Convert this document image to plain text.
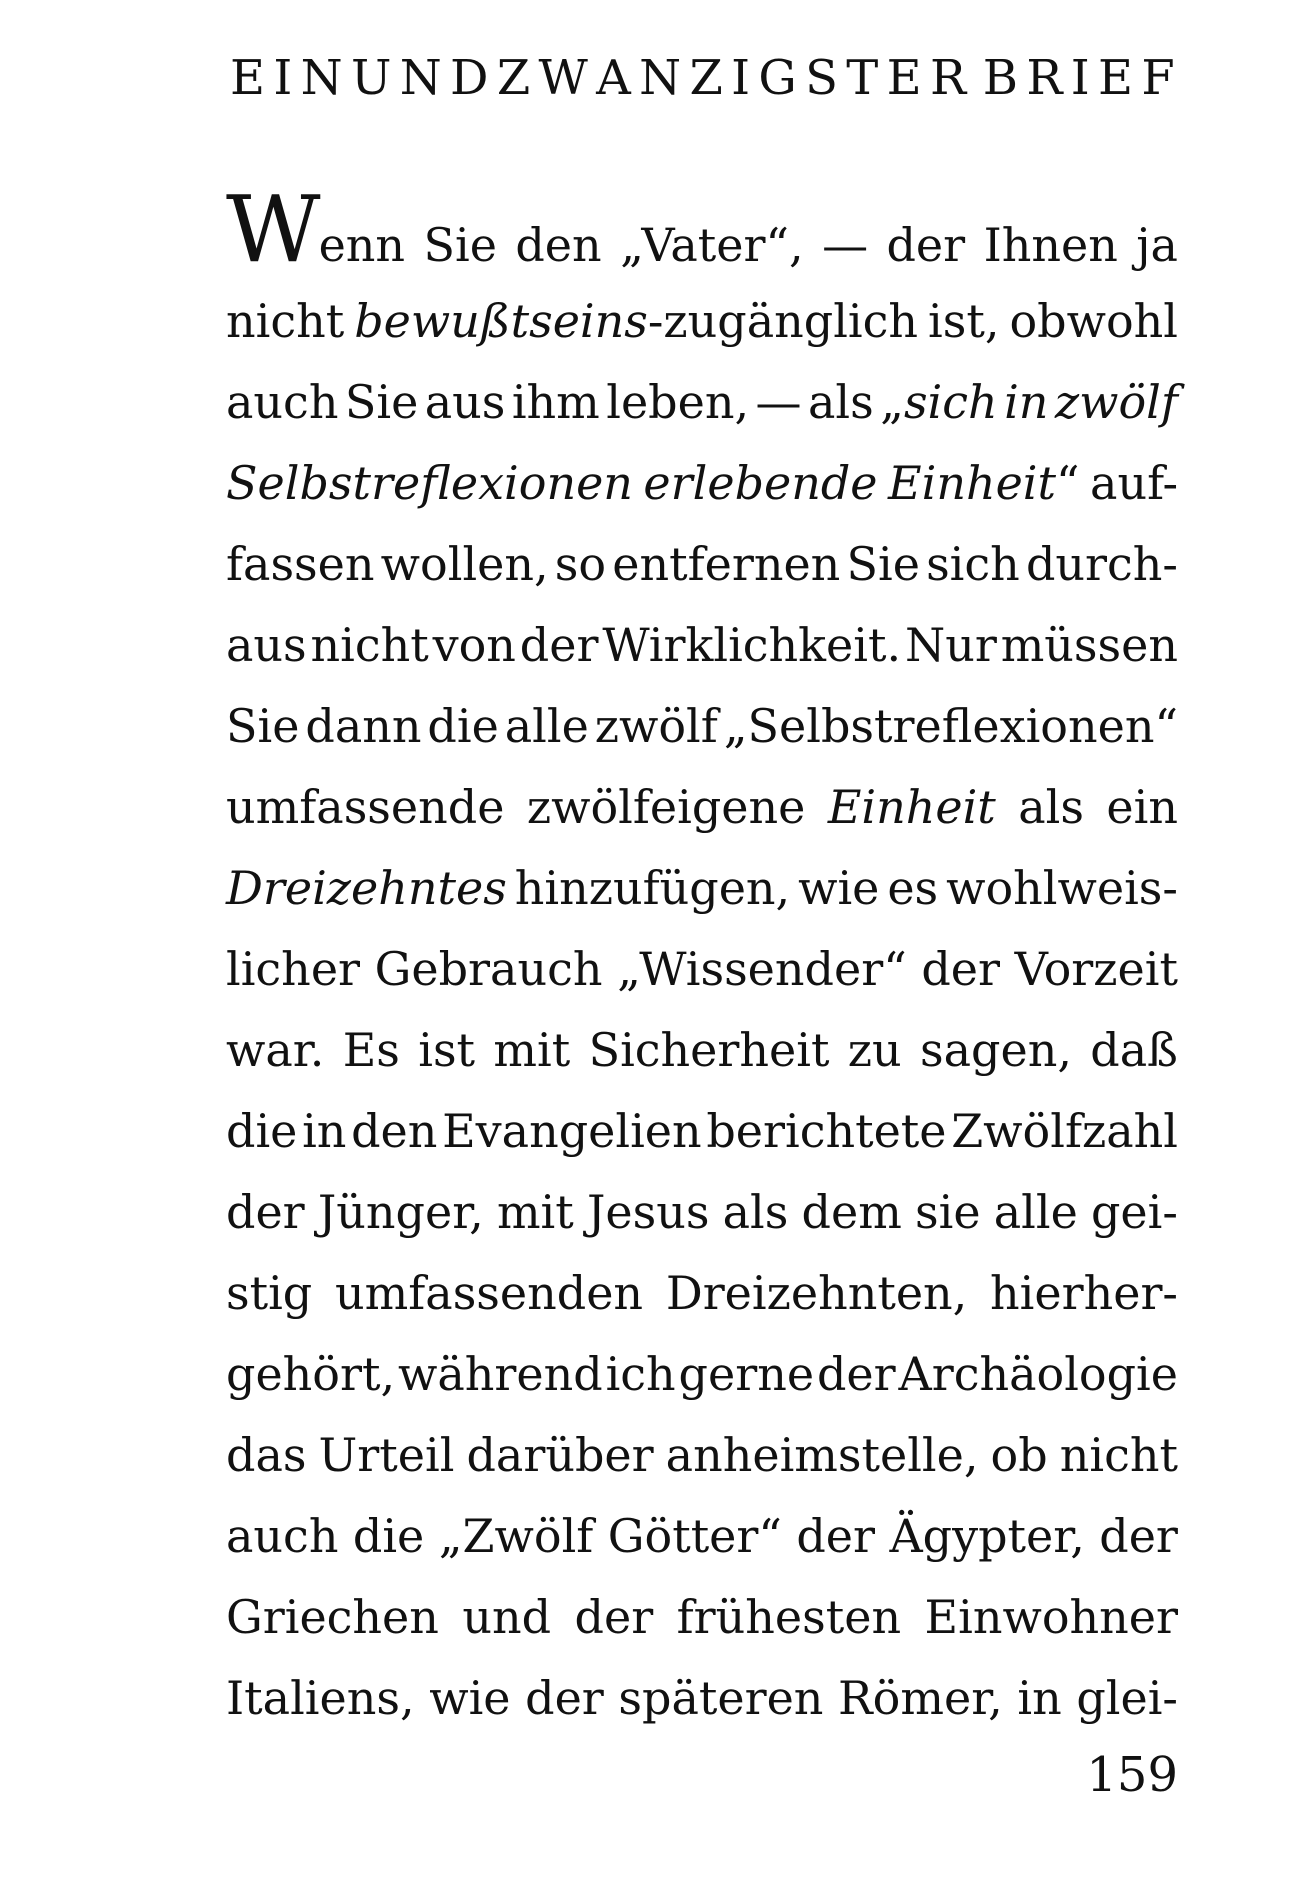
E I N U N D Z W A N Z I G S T E R B R I E F
Wenn Sie den „Vater“, — der Ihnen ja
nicht bewußtseins-zugänglich ist, obwohl
auch Sie aus ihm leben, — als „sich in zwölf
Selbstreflexionen erlebende Einheit“ auf-
fassen wollen, so entfernen Sie sich durch-
aus nicht von der Wirklichkeit. Nur müssen
Sie dann die alle zwölf „Selbstreflexionen“
umfassende zwölfeigene Einheit als ein
Dreizehntes hinzufügen, wie es wohlweis-
licher Gebrauch „Wissender“ der Vorzeit
war. Es ist mit Sicherheit zu sagen, daß
die in den Evangelien berichtete Zwölfzahl
der Jünger, mit Jesus als dem sie alle gei-
stig umfassenden Dreizehnten, hierher-
gehört, während ich gerne der Archäologie
das Urteil darüber anheimstelle, ob nicht
auch die „Zwölf Götter“ der Ägypter, der
Griechen und der frühesten Einwohner
Italiens, wie der späteren Römer, in glei-
159
